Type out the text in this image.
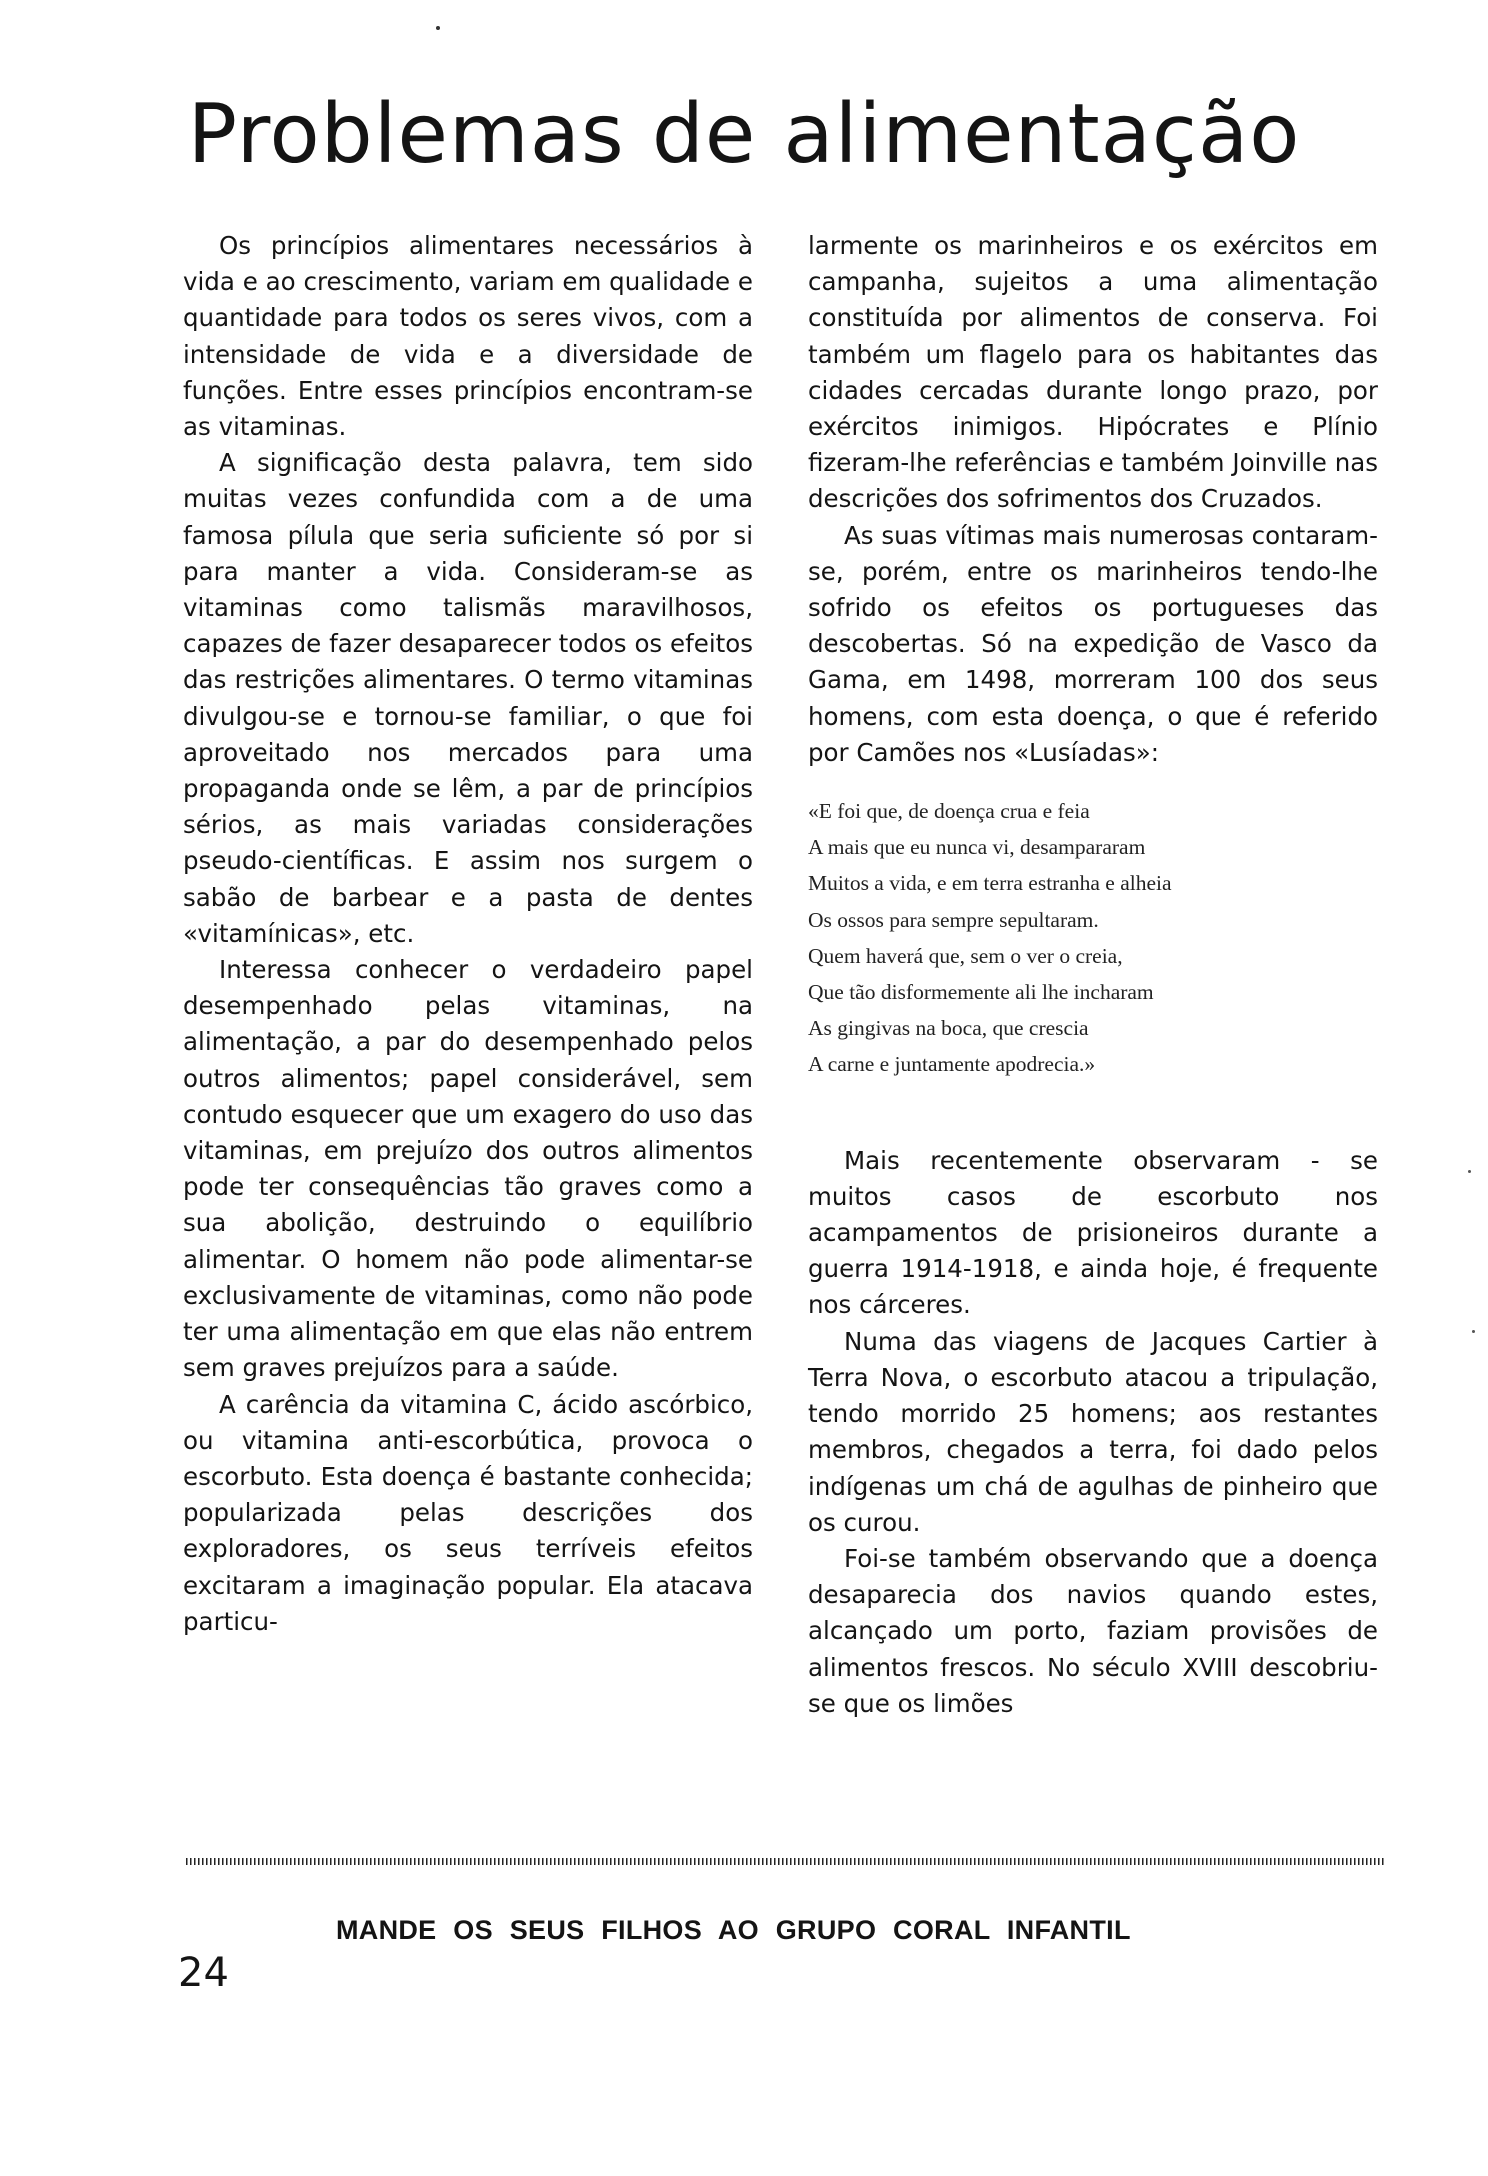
Problemas de alimentação

Os princípios alimentares necessários à vida e ao crescimento, variam em qualidade e quantidade para todos os seres vivos, com a intensidade de vida e a diversidade de funções. Entre esses princípios encontram-se as vitaminas.

A significação desta palavra, tem sido muitas vezes confundida com a de uma famosa pílula que seria suficiente só por si para manter a vida. Consideram-se as vitaminas como talismãs maravilhosos, capazes de fazer desaparecer todos os efeitos das restrições alimentares. O termo vitaminas divulgou-se e tornou-se familiar, o que foi aproveitado nos mercados para uma propaganda onde se lêm, a par de princípios sérios, as mais variadas considerações pseudo-científicas. E assim nos surgem o sabão de barbear e a pasta de dentes «vitamínicas», etc.

Interessa conhecer o verdadeiro papel desempenhado pelas vitaminas, na alimentação, a par do desempenhado pelos outros alimentos; papel considerável, sem contudo esquecer que um exagero do uso das vitaminas, em prejuízo dos outros alimentos pode ter consequências tão graves como a sua abolição, destruindo o equilíbrio alimentar. O homem não pode alimentar-se exclusivamente de vitaminas, como não pode ter uma alimentação em que elas não entrem sem graves prejuízos para a saúde.

A carência da vitamina C, ácido ascórbico, ou vitamina anti-escorbútica, provoca o escorbuto. Esta doença é bastante conhecida; popularizada pelas descrições dos exploradores, os seus terríveis efeitos excitaram a imaginação popular. Ela atacava particu-

larmente os marinheiros e os exércitos em campanha, sujeitos a uma alimentação constituída por alimentos de conserva. Foi também um flagelo para os habitantes das cidades cercadas durante longo prazo, por exércitos inimigos. Hipócrates e Plínio fizeram-lhe referências e também Joinville nas descrições dos sofrimentos dos Cruzados.

As suas vítimas mais numerosas contaram-se, porém, entre os marinheiros tendo-lhe sofrido os efeitos os portugueses das descobertas. Só na expedição de Vasco da Gama, em 1498, morreram 100 dos seus homens, com esta doença, o que é referido por Camões nos «Lusíadas»:

«E foi que, de doença crua e feia
A mais que eu nunca vi, desampararam
Muitos a vida, e em terra estranha e alheia
Os ossos para sempre sepultaram.
Quem haverá que, sem o ver o creia,
Que tão disformemente ali lhe incharam
As gingivas na boca, que crescia
A carne e juntamente apodrecia.»

Mais recentemente observaram - se muitos casos de escorbuto nos acampamentos de prisioneiros durante a guerra 1914-1918, e ainda hoje, é frequente nos cárceres.

Numa das viagens de Jacques Cartier à Terra Nova, o escorbuto atacou a tripulação, tendo morrido 25 homens; aos restantes membros, chegados a terra, foi dado pelos indígenas um chá de agulhas de pinheiro que os curou.

Foi-se também observando que a doença desaparecia dos navios quando estes, alcançado um porto, faziam provisões de alimentos frescos. No século XVIII descobriu-se que os limões

MANDE OS SEUS FILHOS AO GRUPO CORAL INFANTIL

24
